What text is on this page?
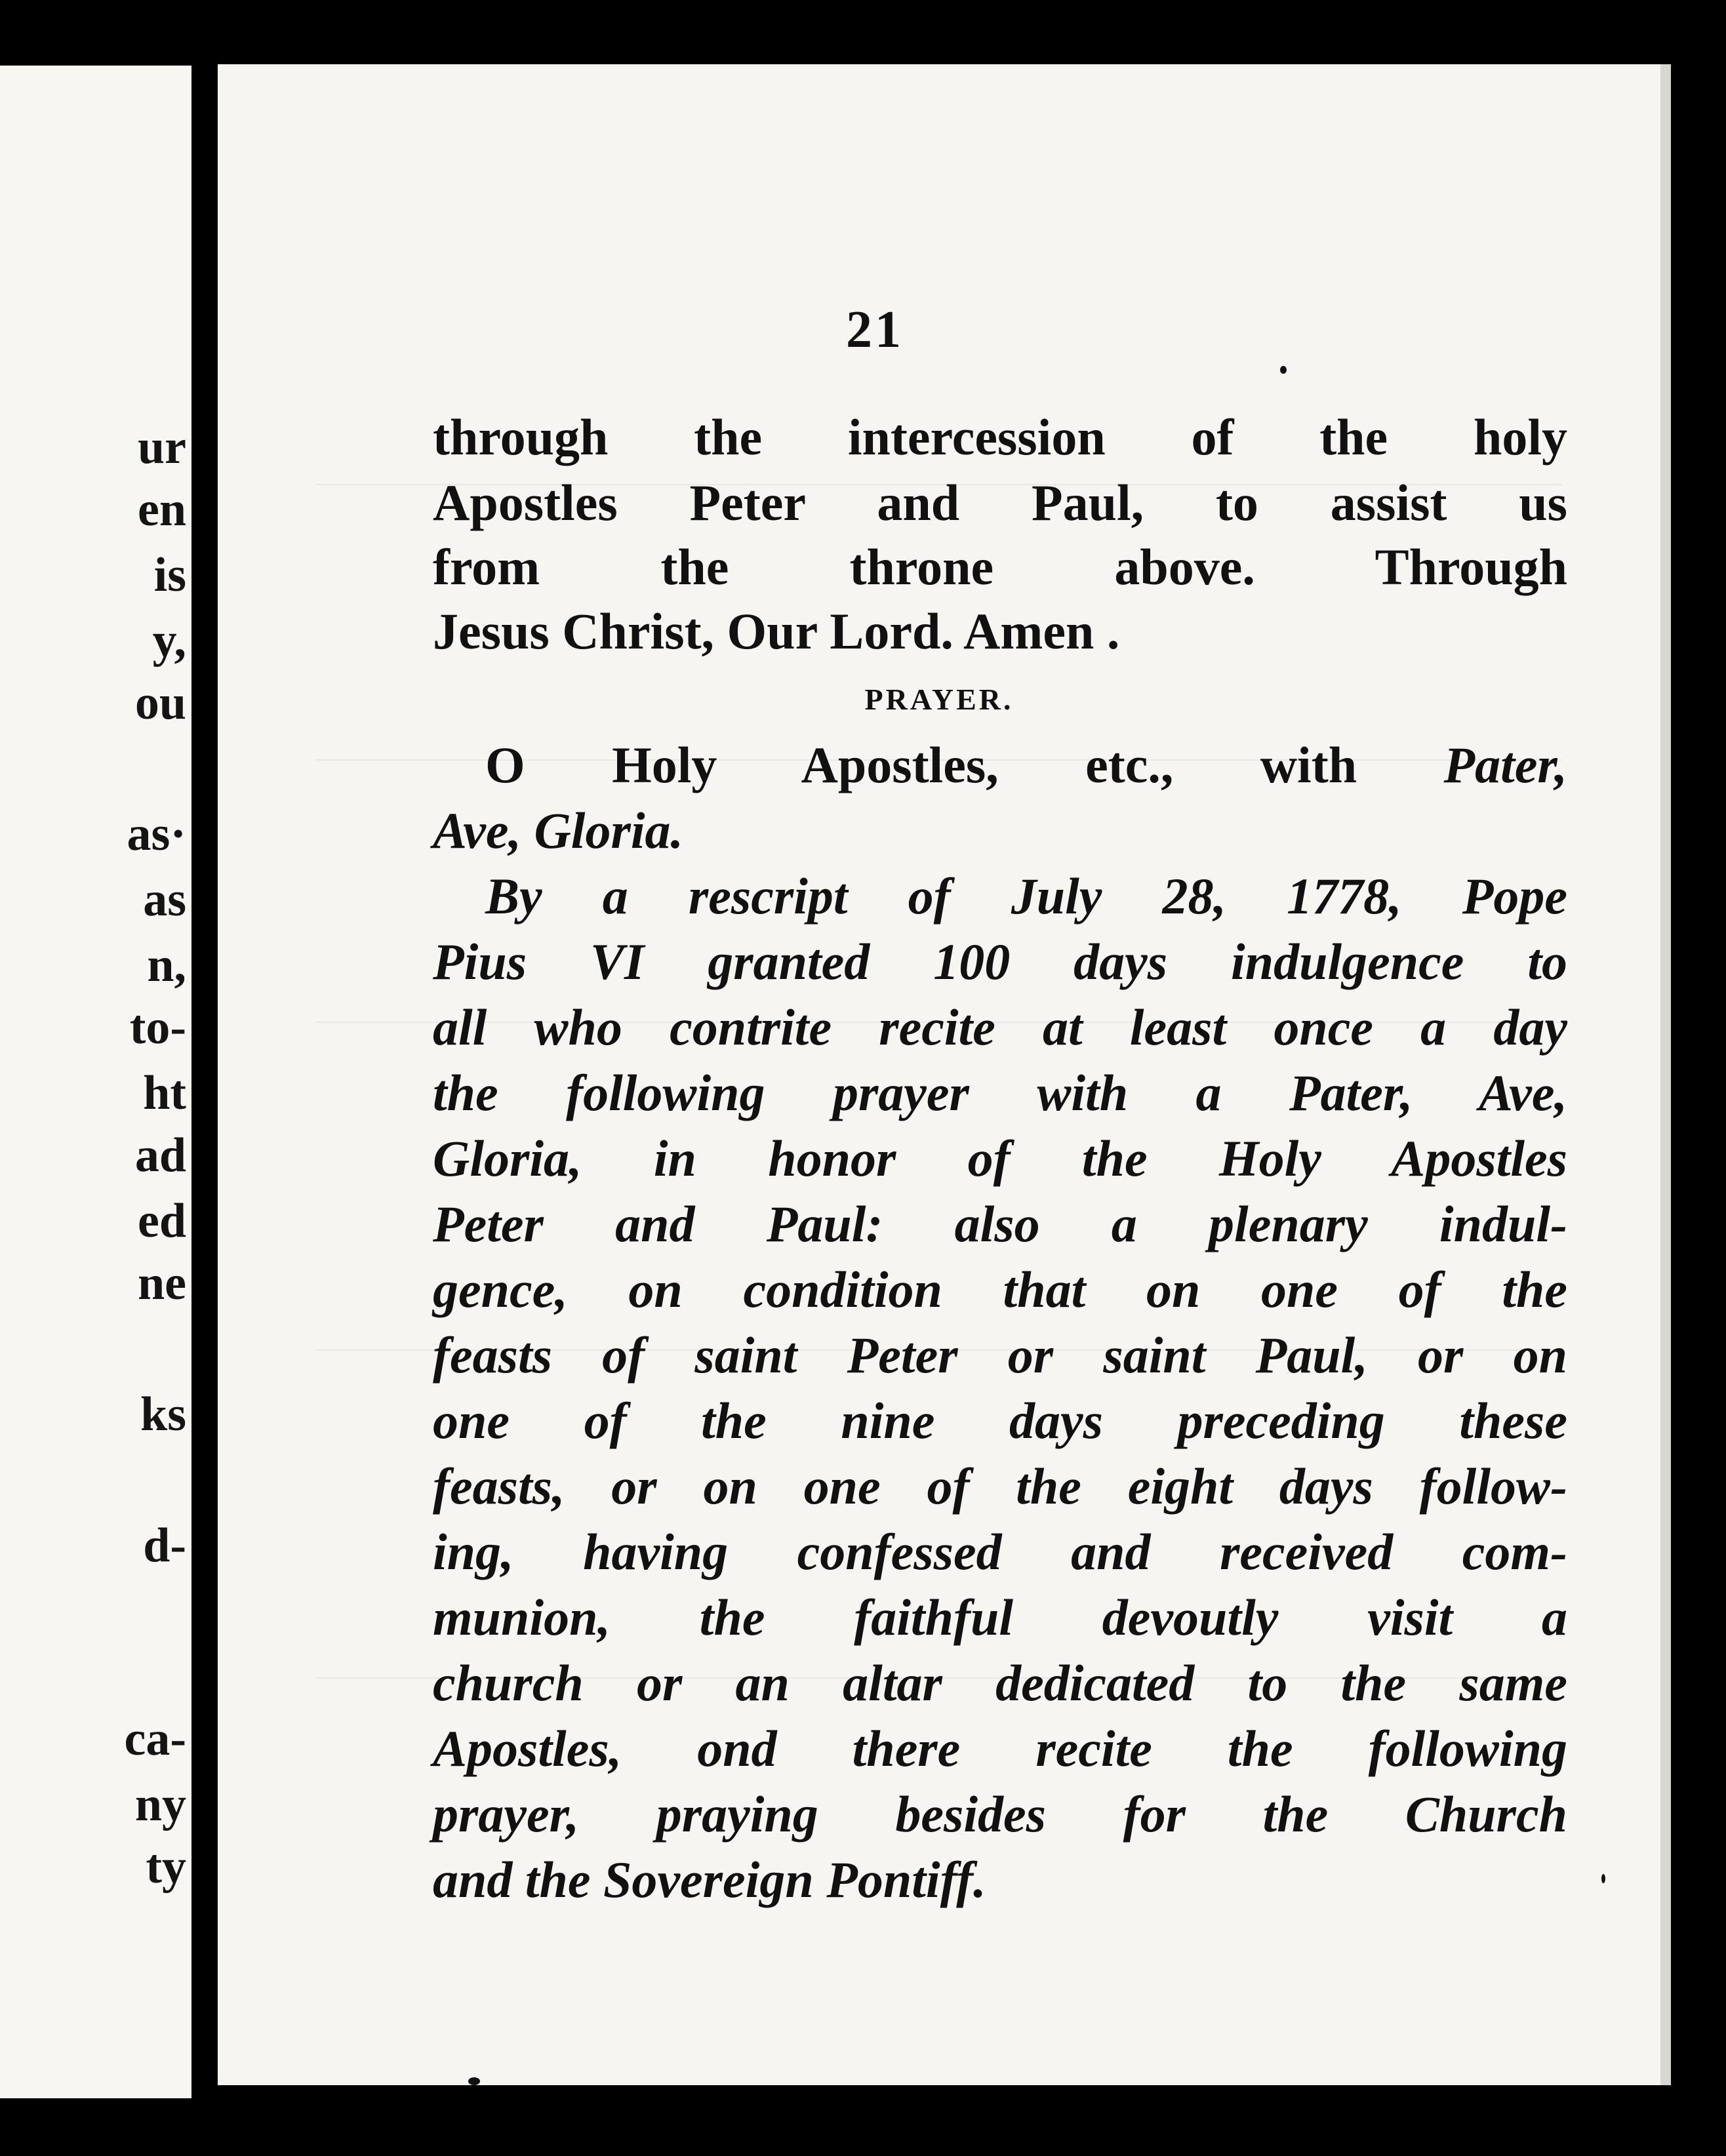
ur
en
is
y,
ou
as·
as
n,
to-
ht
ad
ed
ne
ks
d-
ca-
ny
ty
21
through the intercession of the holy
Apostles Peter and Paul, to assist us
from the throne above. Through
Jesus Christ, Our Lord. Amen .
PRAYER.
O Holy Apostles, etc., with Pater,
Ave, Gloria.
By a rescript of July 28, 1778, Pope
Pius VI granted 100 days indulgence to
all who contrite recite at least once a day
the following prayer with a Pater, Ave,
Gloria, in honor of the Holy Apostles
Peter and Paul: also a plenary indul-
gence, on condition that on one of the
feasts of saint Peter or saint Paul, or on
one of the nine days preceding these
feasts, or on one of the eight days follow-
ing, having confessed and received com-
munion, the faithful devoutly visit a
church or an altar dedicated to the same
Apostles, ond there recite the following
prayer, praying besides for the Church
and the Sovereign Pontiff.
